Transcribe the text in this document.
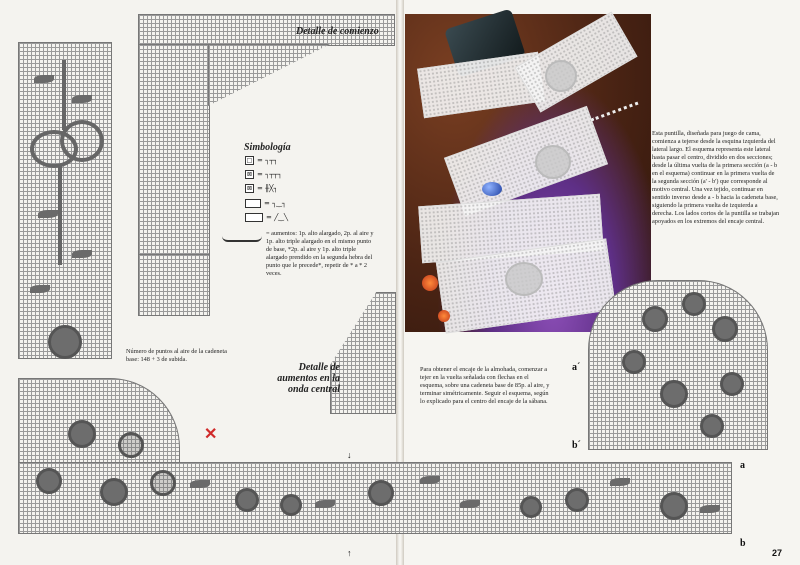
Detalle de comienzo
Detalle de aumentos en la onda central
Simbología
□ = ┐┬┐
⊠ = ┐┬┬┐
⊠ = ╫╳┐
= ┐‿┐
= ╱‿╲
= aumentos: 1p. alto alargado, 2p. al aire y 1p. alto triple alargado en el mismo punto de base, *2p. al aire y 1p. alto triple alargado prendido en la segunda hebra del punto que le precede*, repetir de * a * 2 veces.
Número de puntos al aire de la cadeneta base: 148 + 3 de subida.
✕
↓
↑
Esta puntilla, diseñada para juego de cama, comienza a tejerse desde la esquina izquierda del lateral largo. El esquema representa este lateral hasta pasar el centro, dividido en dos secciones; desde la última vuelta de la primera sección (a - b en el esquema) continuar en la primera vuelta de la segunda sección (a' - b') que corresponde al motivo central. Una vez tejido, continuar en sentido inverso desde a - b hacia la cadeneta base, siguiendo la primera vuelta de izquierda a derecha. Los lados cortos de la puntilla se trabajan apoyados en los extremos del encaje central.
Para obtener el encaje de la almohada, comenzar a tejer en la vuelta señalada con flechas en el esquema, sobre una cadeneta base de 85p. al aire, y terminar simétricamente. Seguir el esquema, según lo explicado para el centro del encaje de la sábana.
a´
b´
a
b
27
